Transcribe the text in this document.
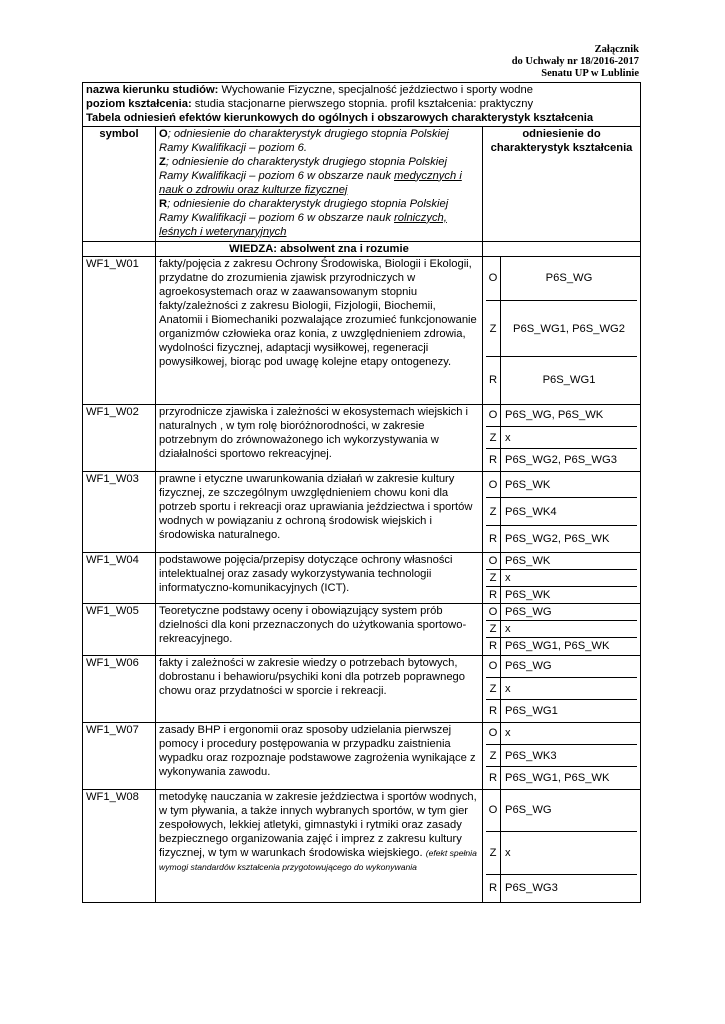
Załącznik
do Uchwały nr 18/2016-2017
Senatu UP w Lublinie
nazwa kierunku studiów: Wychowanie Fizyczne, specjalność jeździectwo i sporty wodne
poziom kształcenia: studia stacjonarne pierwszego stopnia. profil kształcenia: praktyczny
Tabela odniesień efektów kierunkowych do ogólnych i obszarowych charakterystyk kształcenia

symbol	O; odniesienie do charakterystyk drugiego stopnia Polskiej Ramy Kwalifikacji – poziom 6.
Z; odniesienie do charakterystyk drugiego stopnia Polskiej Ramy Kwalifikacji – poziom 6 w obszarze nauk medycznych i nauk o zdrowiu oraz kulturze fizycznej
R; odniesienie do charakterystyk drugiego stopnia Polskiej Ramy Kwalifikacji – poziom 6 w obszarze nauk rolniczych, leśnych i weterynaryjnych	odniesienie do charakterystyk kształcenia
	WIEDZA: absolwent zna i rozumie	
WF1_W01	fakty/pojęcia z zakresu Ochrony Środowiska, Biologii i Ekologii, przydatne do zrozumienia zjawisk przyrodniczych w agroekosystemach oraz w zaawansowanym stopniu fakty/zależności z zakresu Biologii, Fizjologii, Biochemii, Anatomii i Biomechaniki pozwalające zrozumieć funkcjonowanie organizmów człowieka oraz konia, z uwzględnieniem zdrowia, wydolności fizycznej, adaptacji wysiłkowej, regeneracji powysiłkowej, biorąc pod uwagę kolejne etapy ontogenezy.	
O	P6S_WG
Z	P6S_WG1, P6S_WG2
R	P6S_WG1

WF1_W02	przyrodnicze zjawiska i zależności w ekosystemach wiejskich i naturalnych , w tym rolę bioróżnorodności, w zakresie potrzebnym do zrównoważonego ich wykorzystywania w działalności sportowo rekreacyjnej.	
O	P6S_WG, P6S_WK
Z	x
R	P6S_WG2, P6S_WG3

WF1_W03	prawne i etyczne uwarunkowania działań w zakresie kultury fizycznej, ze szczególnym uwzględnieniem chowu koni dla potrzeb sportu i rekreacji oraz uprawiania jeździectwa i sportów wodnych w powiązaniu z ochroną środowisk wiejskich i środowiska naturalnego.	
O	P6S_WK
Z	P6S_WK4
R	P6S_WG2, P6S_WK

WF1_W04	podstawowe pojęcia/przepisy dotyczące ochrony własności intelektualnej oraz zasady wykorzystywania technologii informatyczno-komunikacyjnych (ICT).	
O	P6S_WK
Z	x
R	P6S_WK

WF1_W05	Teoretyczne podstawy oceny i obowiązujący system prób dzielności dla koni przeznaczonych do użytkowania sportowo-rekreacyjnego.	
O	P6S_WG
Z	x
R	P6S_WG1, P6S_WK

WF1_W06	fakty i zależności w zakresie wiedzy o potrzebach bytowych, dobrostanu i behawioru/psychiki koni dla potrzeb poprawnego chowu oraz przydatności w sporcie i rekreacji.	
O	P6S_WG
Z	x
R	P6S_WG1

WF1_W07	zasady BHP i ergonomii oraz sposoby udzielania pierwszej pomocy i procedury postępowania w przypadku zaistnienia wypadku oraz rozpoznaje podstawowe zagrożenia wynikające z wykonywania zawodu.	
O	x
Z	P6S_WK3
R	P6S_WG1, P6S_WK

WF1_W08	metodykę nauczania w zakresie jeździectwa i sportów wodnych, w tym pływania, a także innych wybranych sportów, w tym gier zespołowych, lekkiej atletyki, gimnastyki i rytmiki oraz zasady bezpiecznego organizowania zajęć i imprez z zakresu kultury fizycznej, w tym w warunkach środowiska wiejskiego. (efekt spełnia wymogi standardów kształcenia przygotowującego do wykonywania	
O	P6S_WG
Z	x
R	P6S_WG3
